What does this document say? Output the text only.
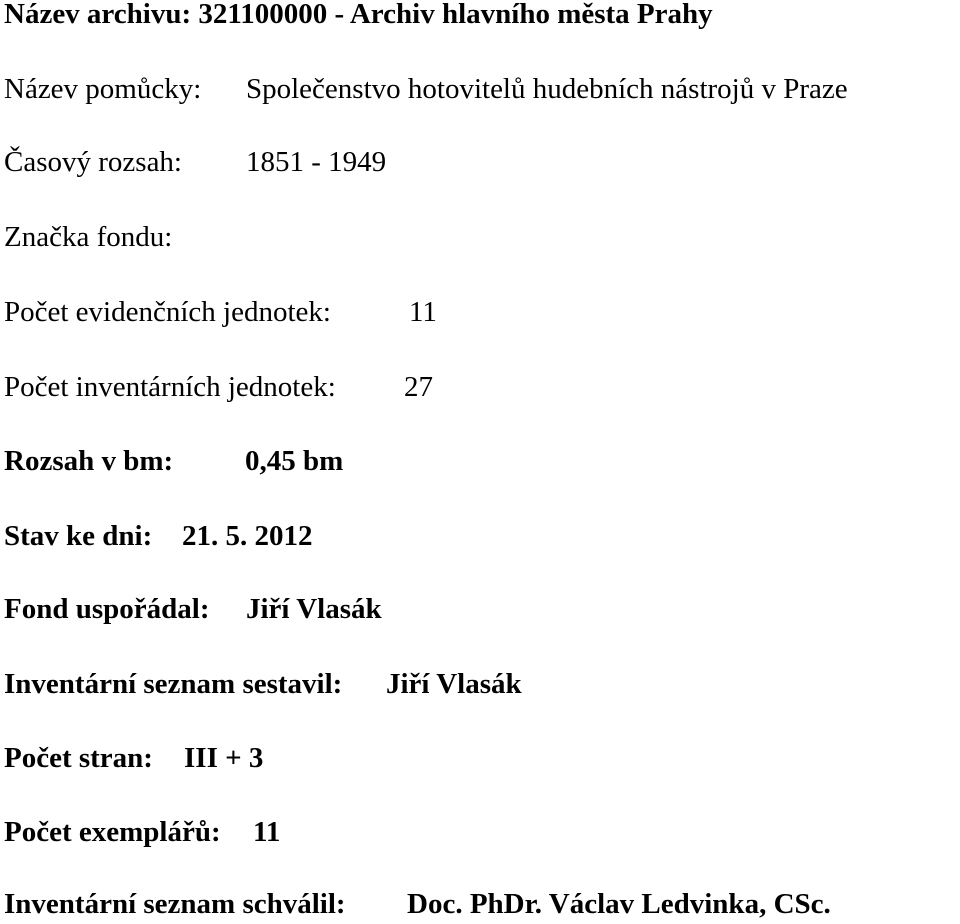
Název archivu: 321100000 - Archiv hlavního města Prahy
Název pomůcky: Společenstvo hotovitelů hudebních nástrojů v Praze
Časový rozsah: 1851 - 1949
Značka fondu:
Počet evidenčních jednotek:	11
Počet inventárních jednotek: 27
Rozsah v bm: 0,45 bm
Stav ke dni: 21. 5. 2012
Fond uspořádal: Jiří Vlasák
Inventární seznam sestavil: Jiří Vlasák
Počet stran: III + 3
Počet exemplářů: 11
Inventární seznam schválil: Doc. PhDr. Václav Ledvinka, CSc.
